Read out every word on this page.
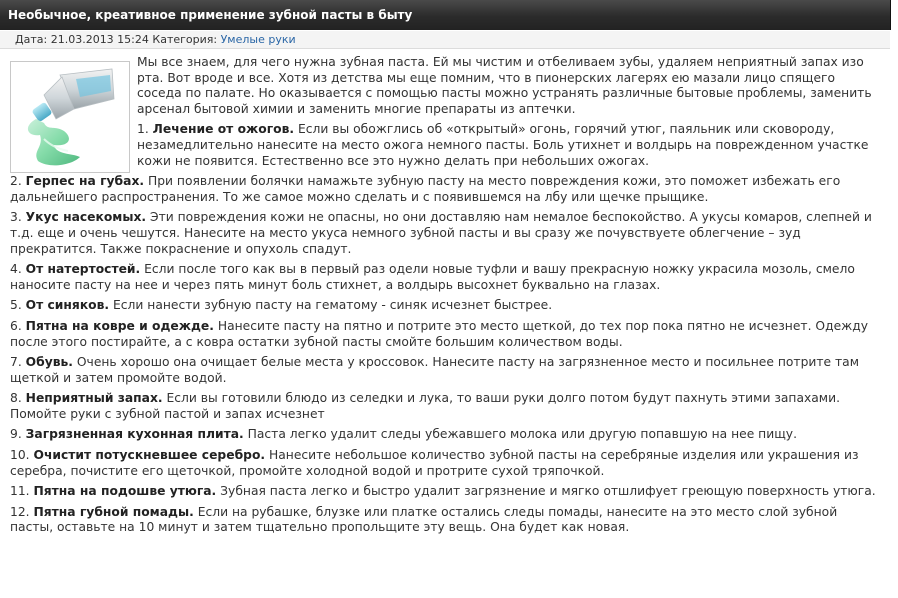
Необычное, креативное применение зубной пасты в быту
Дата: 21.03.2013 15:24 Категория: Умелые руки

Мы все знаем, для чего нужна зубная паста. Ей мы чистим и отбеливаем зубы, удаляем неприятный запах изо рта. Вот вроде и все. Хотя из детства мы еще помним, что в пионерских лагерях ею мазали лицо спящего соседа по палате. Но оказывается с помощью пасты можно устранять различные бытовые проблемы, заменить арсенал бытовой химии и заменить многие препараты из аптечки.

1. Лечение от ожогов. Если вы обожглись об «открытый» огонь, горячий утюг, паяльник или сковороду, незамедлительно нанесите на место ожога немного пасты. Боль утихнет и волдырь на поврежденном участке кожи не появится. Естественно все это нужно делать при небольших ожогах.

2. Герпес на губах. При появлении болячки намажьте зубную пасту на место повреждения кожи, это поможет избежать его дальнейшего распространения. То же самое можно сделать и с появившемся на лбу или щечке прыщике.

3. Укус насекомых. Эти повреждения кожи не опасны, но они доставляю нам немалое беспокойство. А укусы комаров, слепней и т.д. еще и очень чешутся. Нанесите на место укуса немного зубной пасты и вы сразу же почувствуете облегчение – зуд прекратится. Также покраснение и опухоль спадут.

4. От натертостей. Если после того как вы в первый раз одели новые туфли и вашу прекрасную ножку украсила мозоль, смело наносите пасту на нее и через пять минут боль стихнет, а волдырь высохнет буквально на глазах.

5. От синяков. Если нанести зубную пасту на гематому - синяк исчезнет быстрее.

6. Пятна на ковре и одежде. Нанесите пасту на пятно и потрите это место щеткой, до тех пор пока пятно не исчезнет. Одежду после этого постирайте, а с ковра остатки зубной пасты смойте большим количеством воды.

7. Обувь. Очень хорошо она очищает белые места у кроссовок. Нанесите пасту на загрязненное место и посильнее потрите там щеткой и затем промойте водой.

8. Неприятный запах. Если вы готовили блюдо из селедки и лука, то ваши руки долго потом будут пахнуть этими запахами. Помойте руки с зубной пастой и запах исчезнет

9. Загрязненная кухонная плита. Паста легко удалит следы убежавшего молока или другую попавшую на нее пищу.

10. Очистит потускневшее серебро. Нанесите небольшое количество зубной пасты на серебряные изделия или украшения из серебра, почистите его щеточкой, промойте холодной водой и протрите сухой тряпочкой.

11. Пятна на подошве утюга. Зубная паста легко и быстро удалит загрязнение и мягко отшлифует греющую поверхность утюга.

12. Пятна губной помады. Если на рубашке, блузке или платке остались следы помады, нанесите на это место слой зубной пасты, оставьте на 10 минут и затем тщательно пропольщите эту вещь. Она будет как новая.
